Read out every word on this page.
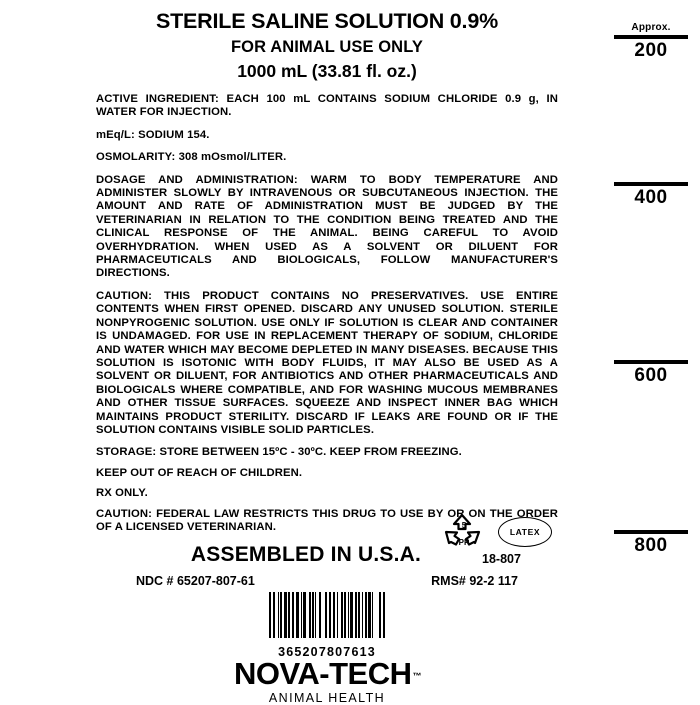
STERILE SALINE SOLUTION 0.9%
FOR ANIMAL USE ONLY
1000 mL (33.81 fl. oz.)
ACTIVE INGREDIENT: EACH 100 mL CONTAINS SODIUM CHLORIDE 0.9 g, IN WATER FOR INJECTION.
mEq/L: SODIUM 154.
OSMOLARITY: 308 mOsmol/LITER.
DOSAGE AND ADMINISTRATION: WARM TO BODY TEMPERATURE AND ADMINISTER SLOWLY BY INTRAVENOUS OR SUBCUTANEOUS INJECTION. THE AMOUNT AND RATE OF ADMINISTRATION MUST BE JUDGED BY THE VETERINARIAN IN RELATION TO THE CONDITION BEING TREATED AND THE CLINICAL RESPONSE OF THE ANIMAL. BEING CAREFUL TO AVOID OVERHYDRATION. WHEN USED AS A SOLVENT OR DILUENT FOR PHARMACEUTICALS AND BIOLOGICALS, FOLLOW MANUFACTURER'S DIRECTIONS.
CAUTION: THIS PRODUCT CONTAINS NO PRESERVATIVES. USE ENTIRE CONTENTS WHEN FIRST OPENED. DISCARD ANY UNUSED SOLUTION. STERILE NONPYROGENIC SOLUTION. USE ONLY IF SOLUTION IS CLEAR AND CONTAINER IS UNDAMAGED. FOR USE IN REPLACEMENT THERAPY OF SODIUM, CHLORIDE AND WATER WHICH MAY BECOME DEPLETED IN MANY DISEASES. BECAUSE THIS SOLUTION IS ISOTONIC WITH BODY FLUIDS, IT MAY ALSO BE USED AS A SOLVENT OR DILUENT, FOR ANTIBIOTICS AND OTHER PHARMACEUTICALS AND BIOLOGICALS WHERE COMPATIBLE, AND FOR WASHING MUCOUS MEMBRANES AND OTHER TISSUE SURFACES. SQUEEZE AND INSPECT INNER BAG WHICH MAINTAINS PRODUCT STERILITY. DISCARD IF LEAKS ARE FOUND OR IF THE SOLUTION CONTAINS VISIBLE SOLID PARTICLES.
STORAGE: STORE BETWEEN 15ºC - 30ºC. KEEP FROM FREEZING.
KEEP OUT OF REACH OF CHILDREN.
RX ONLY.
CAUTION: FEDERAL LAW RESTRICTS THIS DRUG TO USE BY OR ON THE ORDER OF A LICENSED VETERINARIAN.	5
PP
LATEX
ASSEMBLED IN U.S.A.	18-807
NDC # 65207-807-61	RMS# 92-2 117
365207807613
NOVA-TECH™
ANIMAL HEALTH
Approx.
200
400
600
800
